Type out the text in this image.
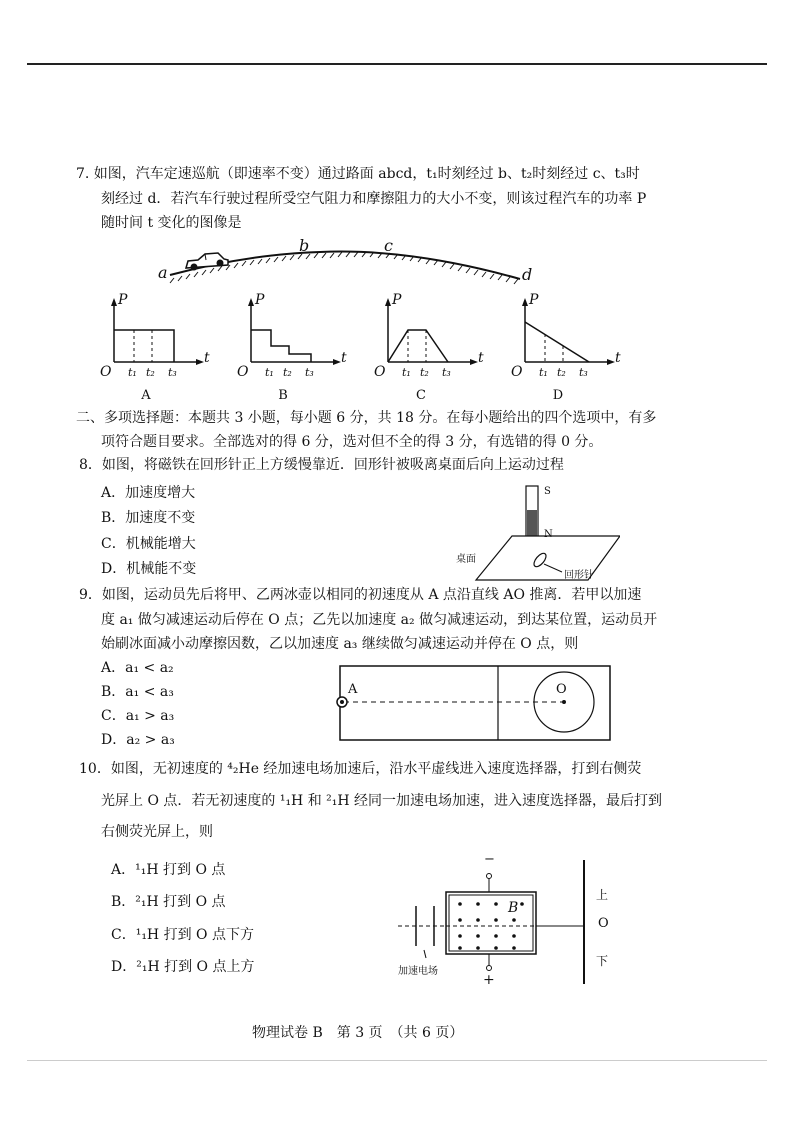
7. 如图，汽车定速巡航（即速率不变）通过路面 abcd，t₁时刻经过 b、t₂时刻经过 c、t₃时
刻经过 d．若汽车行驶过程所受空气阻力和摩擦阻力的大小不变，则该过程汽车的功率 P
随时间 t 变化的图像是
a
b	c
d
P
t
O t₁ t₂ t₃
A
P
t
O t₁ t₂ t₃
B
P
t
O t₁ t₂ t₃
C
P
t
O t₁ t₂ t₃
D
二、多项选择题：本题共 3 小题，每小题 6 分，共 18 分。在每小题给出的四个选项中，有多
项符合题目要求。全部选对的得 6 分，选对但不全的得 3 分，有选错的得 0 分。
8．如图，将磁铁在回形针正上方缓慢靠近．回形针被吸离桌面后向上运动过程
A．加速度增大
B．加速度不变
C．机械能增大
D．机械能不变
S
N
桌面
回形针
9．如图，运动员先后将甲、乙两冰壶以相同的初速度从 A 点沿直线 AO 推离．若甲以加速
度 a₁ 做匀减速运动后停在 O 点；乙先以加速度 a₂ 做匀减速运动，到达某位置，运动员开
始刷冰面减小动摩擦因数，乙以加速度 a₃ 继续做匀减速运动并停在 O 点，则
A．a₁ < a₂
B．a₁ < a₃
C．a₁ > a₃
D．a₂ > a₃
A	O
10．如图，无初速度的 ⁴₂He 经加速电场加速后，沿水平虚线进入速度选择器，打到右侧荧
光屏上 O 点．若无初速度的 ¹₁H 和 ²₁H 经同一加速电场加速，进入速度选择器，最后打到
右侧荧光屏上，则
A．¹₁H 打到 O 点
B．²₁H 打到 O 点
C．¹₁H 打到 O 点下方
D．²₁H 打到 O 点上方
−
+
B
上
O
下
加速电场
物理试卷 B　第 3 页　（共 6 页）
